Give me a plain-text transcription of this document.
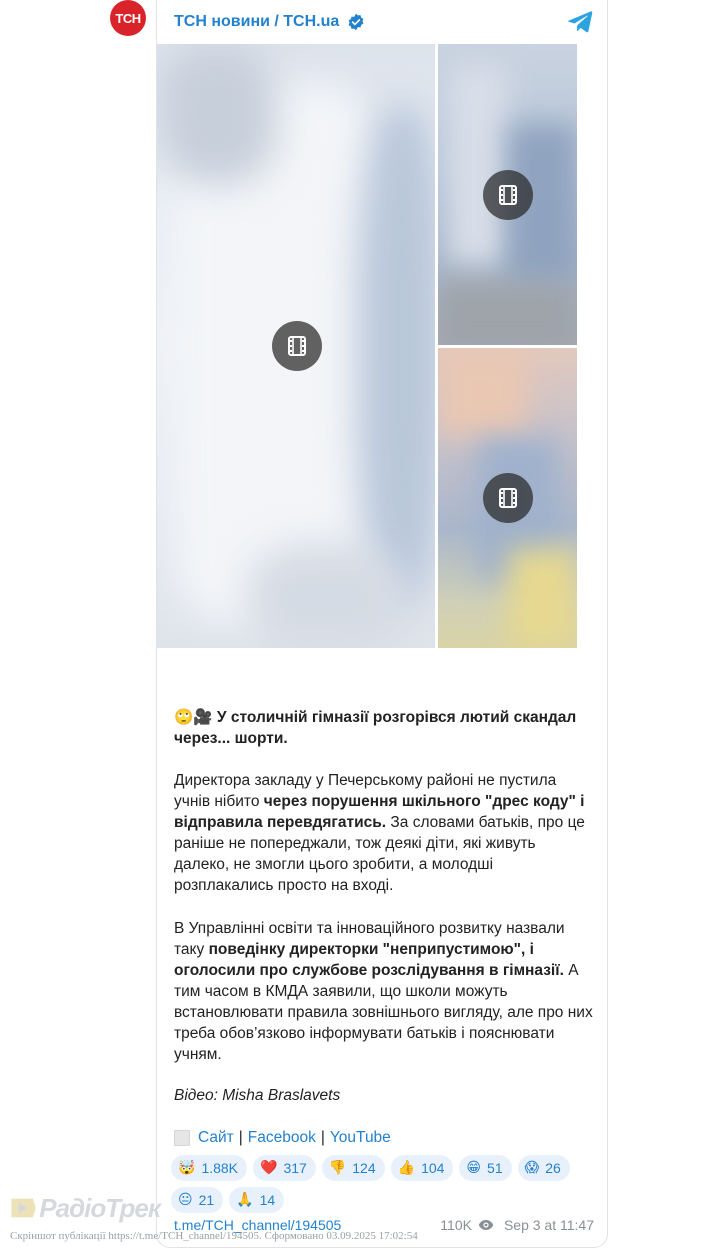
ТСН	ТСН новини / TCH.ua
🙄🎥 У столичній гімназії розгорівся лютий скандал через... шорти.
Директора закладу у Печерському районі не пустила учнів нібито через порушення шкільного "дрес коду" і відправила перевдягатись. За словами батьків, про це раніше не попереджали, тож деякі діти, які живуть далеко, не змогли цього зробити, а молодші розплакались просто на вході.
В Управлінні освіти та інноваційного розвитку назвали таку поведінку директорки "неприпустимою", і оголосили про службове розслідування в гімназії. А тим часом в КМДА заявили, що школи можуть встановлювати правила зовнішнього вигляду, але про них треба обов’язково інформувати батьків і пояснювати учням.
Відео: Misha Braslavets
Сайт | Facebook | YouTube
🤯 1.88K ❤️ 317 👎 124 👍 104 😁 51 😱 26
😐 21 🙏 14
t.me/TCH_channel/194505	110K Sep 3 at 11:47
РадіоТрек
Скріншот публікації https://t.me/TCH_channel/194505. Сформовано 03.09.2025 17:02:54
